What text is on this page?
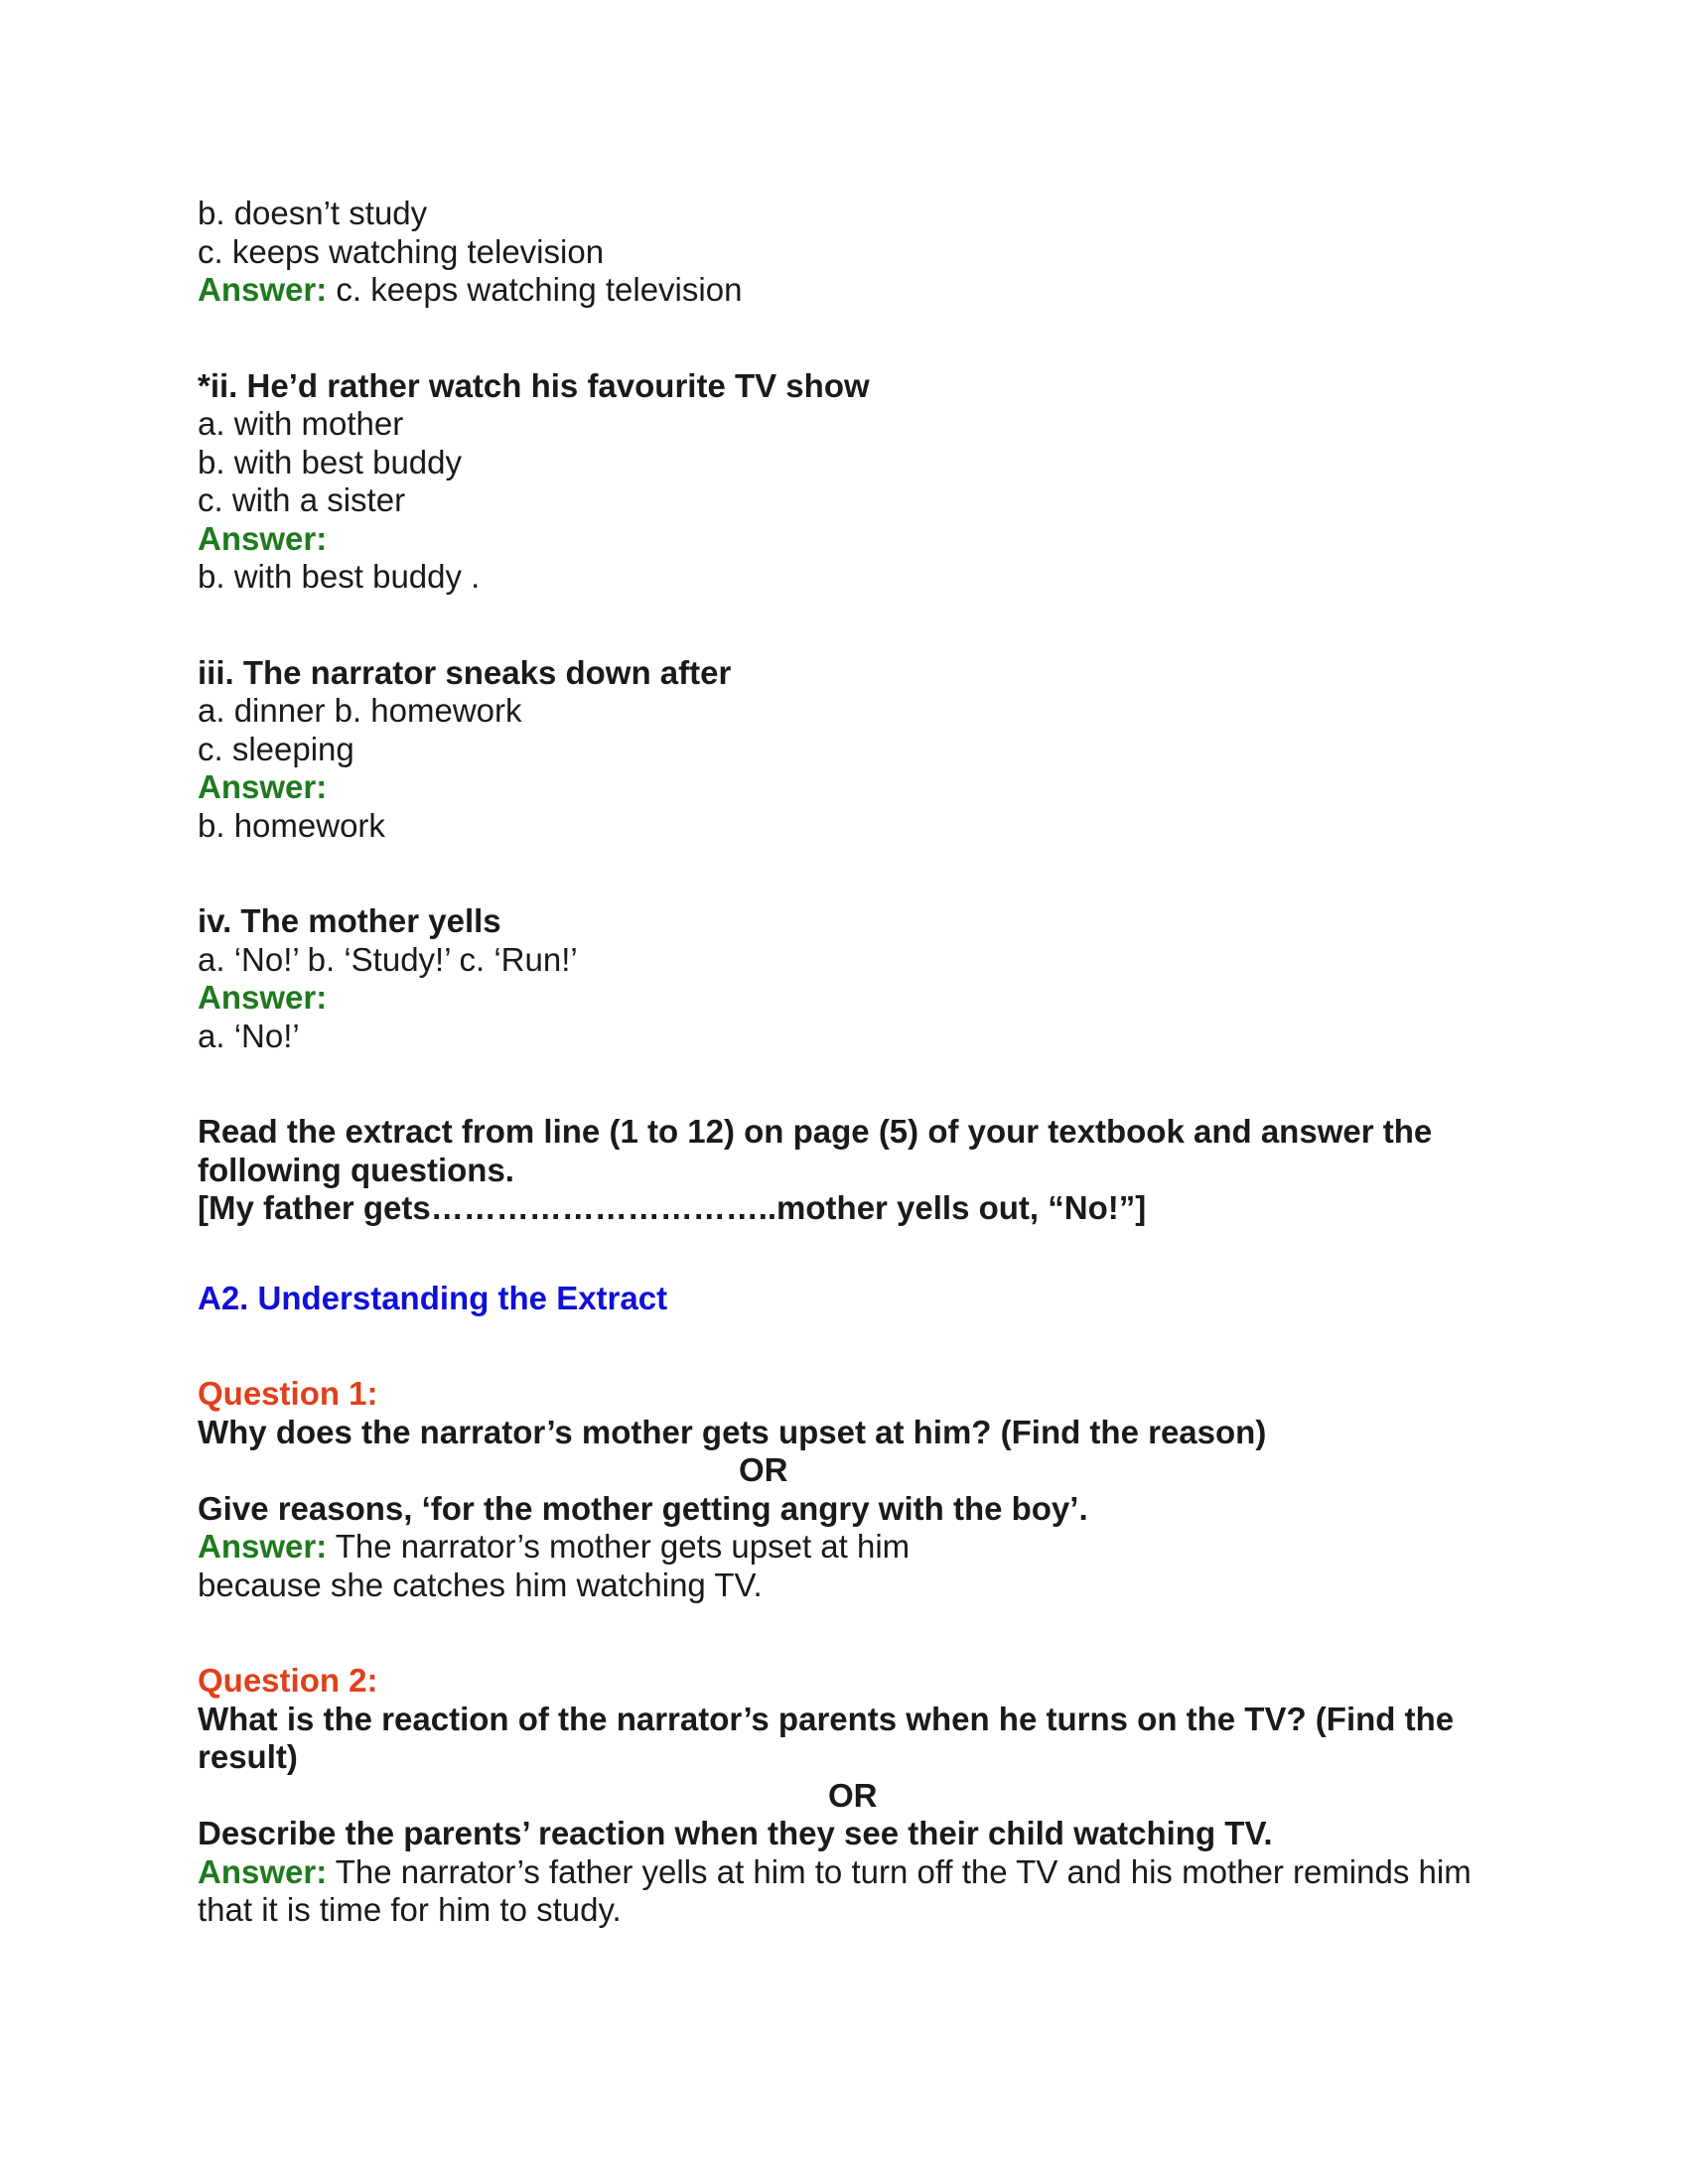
b. doesn’t study
c. keeps watching television
Answer: c. keeps watching television
*ii. He’d rather watch his favourite TV show
a. with mother
b. with best buddy
c. with a sister
Answer:
b. with best buddy .
iii. The narrator sneaks down after
a. dinner b. homework
c. sleeping
Answer:
b. homework
iv. The mother yells
a. ‘No!’ b. ‘Study!’ c. ‘Run!’
Answer:
a. ‘No!’
Read the extract from line (1 to 12) on page (5) of your textbook and answer the
following questions.
[My father gets…………………………..mother yells out, “No!”]
A2. Understanding the Extract
Question 1:
Why does the narrator’s mother gets upset at him? (Find the reason)
OR
Give reasons, ‘for the mother getting angry with the boy’.
Answer: The narrator’s mother gets upset at him
because she catches him watching TV.
Question 2:
What is the reaction of the narrator’s parents when he turns on the TV? (Find the
result)
OR
Describe the parents’ reaction when they see their child watching TV.
Answer: The narrator’s father yells at him to turn off the TV and his mother reminds him
that it is time for him to study.
